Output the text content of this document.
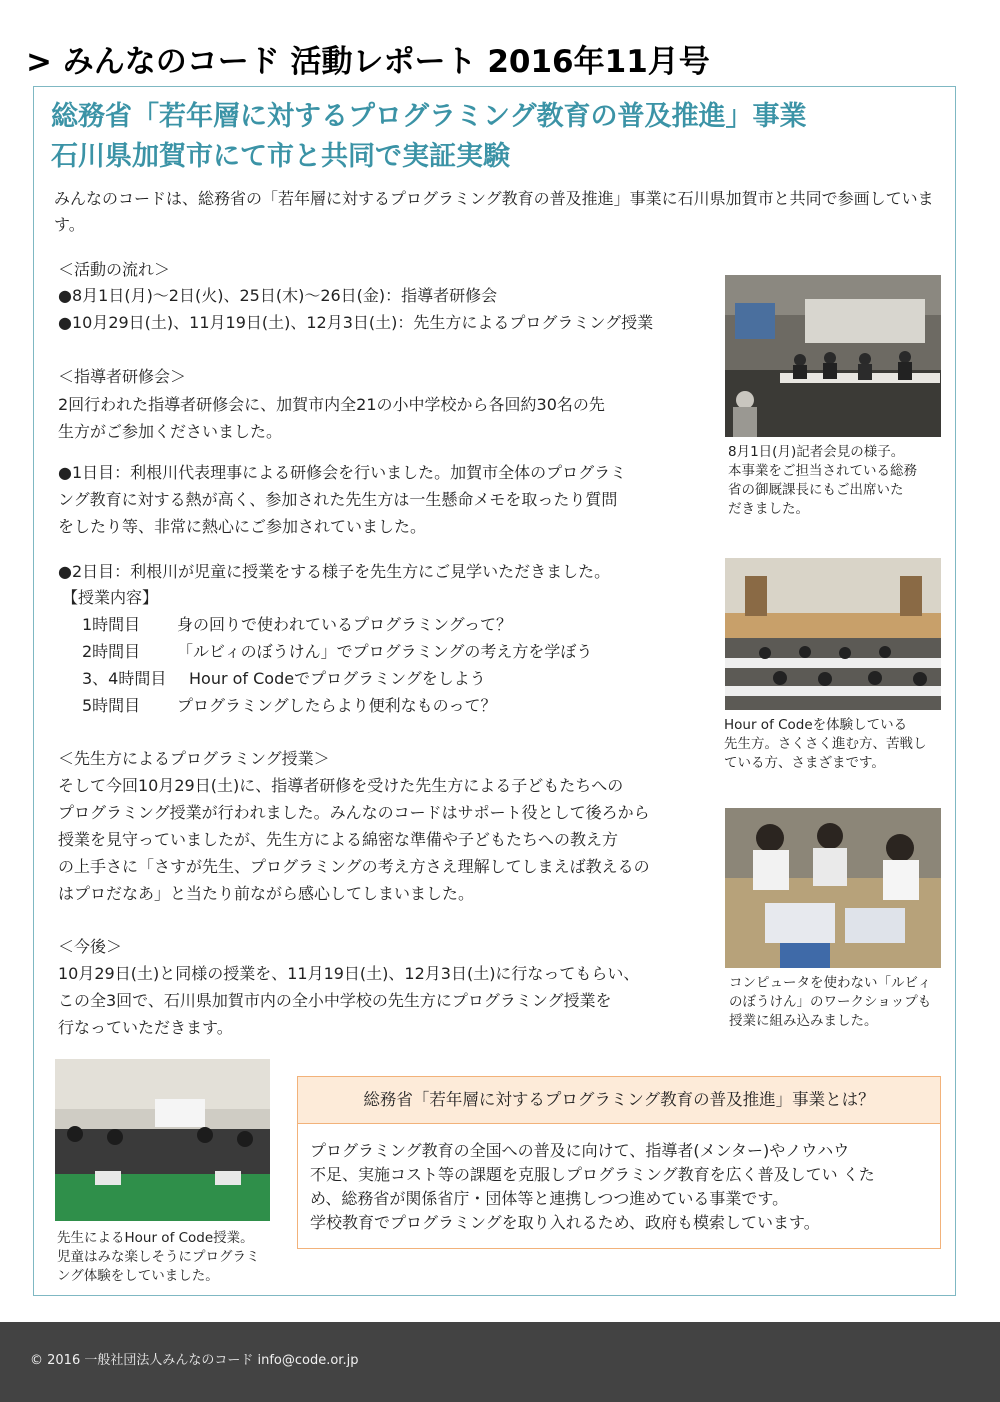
> みんなのコード 活動レポート 2016年11月号
総務省「若年層に対するプログラミング教育の普及推進」事業
石川県加賀市にて市と共同で実証実験

みんなのコードは、総務省の「若年層に対するプログラミング教育の普及推進」事業に石川県加賀市と共同で参画しています。

＜活動の流れ＞

●8月1日(月)〜2日(火)、25日(木)〜26日(金)：指導者研修会

●10月29日(土)、11月19日(土)、12月3日(土)：先生方によるプログラミング授業

＜指導者研修会＞

2回行われた指導者研修会に、加賀市内全21の小中学校から各回約30名の先

生方がご参加くださいました。

●1日目：利根川代表理事による研修会を行いました。加賀市全体のプログラミ

ング教育に対する熱が高く、参加された先生方は一生懸命メモを取ったり質問

をしたり等、非常に熱心にご参加されていました。

●2日目：利根川が児童に授業をする様子を先生方にご見学いただきました。

【授業内容】

1時間目 身の回りで使われているプログラミングって？
2時間目 「ルビィのぼうけん」でプログラミングの考え方を学ぼう
3、4時間目 Hour of Codeでプログラミングをしよう
5時間目 プログラミングしたらより便利なものって？

＜先生方によるプログラミング授業＞

そして今回10月29日(土)に、指導者研修を受けた先生方による子どもたちへの

プログラミング授業が行われました。みんなのコードはサポート役として後ろから

授業を見守っていましたが、先生方による綿密な準備や子どもたちへの教え方

の上手さに「さすが先生、プログラミングの考え方さえ理解してしまえば教えるの

はプロだなあ」と当たり前ながら感心してしまいました。

＜今後＞

10月29日(土)と同様の授業を、11月19日(土)、12月3日(土)に行なってもらい、

この全3回で、石川県加賀市内の全小中学校の先生方にプログラミング授業を

行なっていただきます。

8月1日(月)記者会見の様子。
本事業をご担当されている総務
省の御厩課長にもご出席いた
だきました。

Hour of Codeを体験している
先生方。さくさく進む方、苦戦し
ている方、さまざまです。

コンピュータを使わない「ルビィ
のぼうけん」のワークショップも
授業に組み込みました。

先生によるHour of Code授業。
児童はみな楽しそうにプログラミ
ング体験をしていました。

総務省「若年層に対するプログラミング教育の普及推進」事業とは？
プログラミング教育の全国への普及に向けて、指導者(メンター)やノウハウ
不足、実施コスト等の課題を克服しプログラミング教育を広く普及してい くた
め、総務省が関係省庁・団体等と連携しつつ進めている事業です。
学校教育でプログラミングを取り入れるため、政府も模索しています。
© 2016 一般社団法人みんなのコード info@code.or.jp
